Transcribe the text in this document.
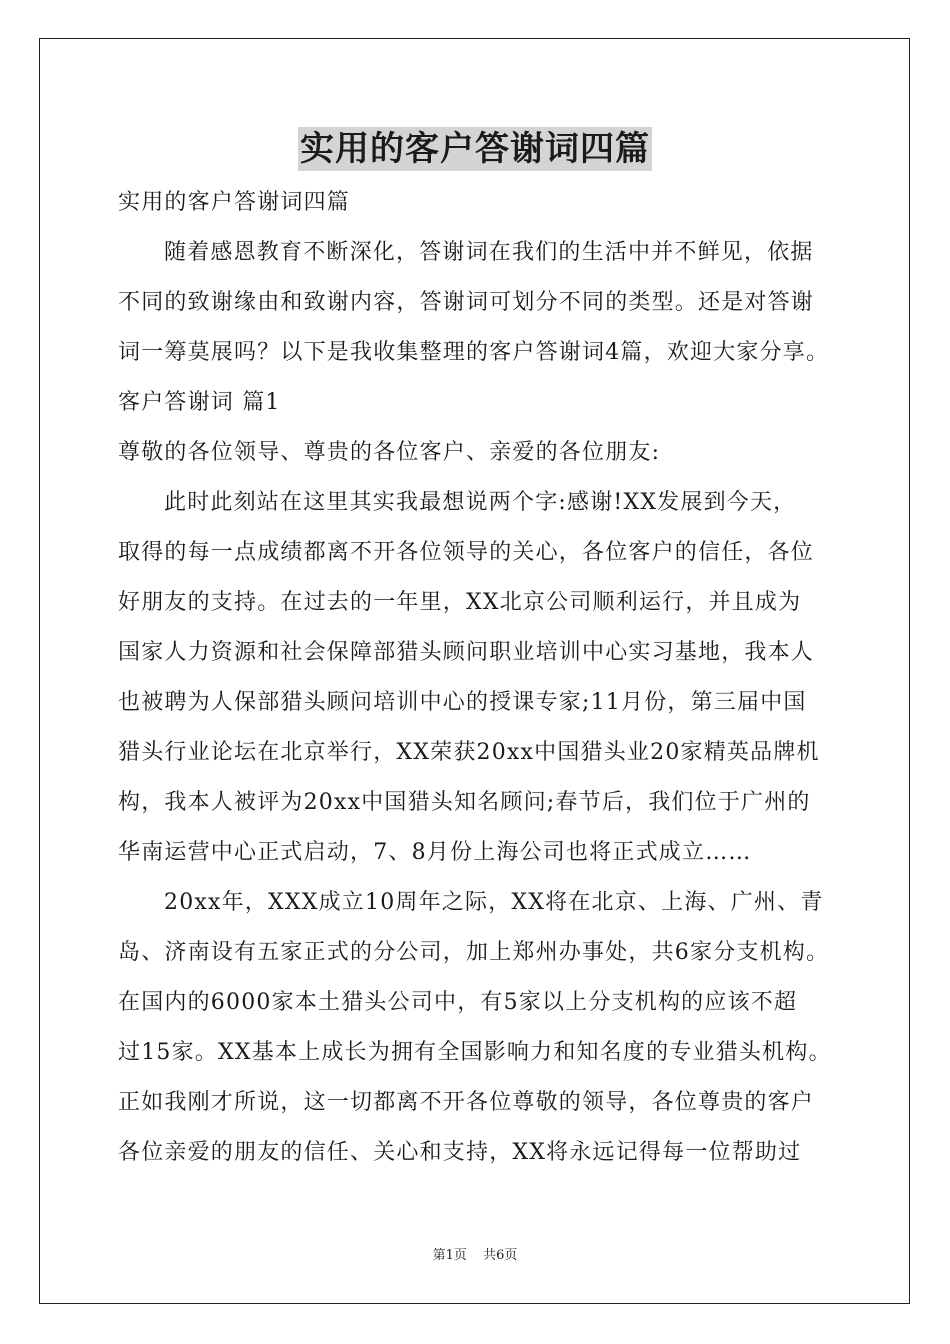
实用的客户答谢词四篇
实用的客户答谢词四篇
随着感恩教育不断深化，答谢词在我们的生活中并不鲜见，依据
不同的致谢缘由和致谢内容，答谢词可划分不同的类型。还是对答谢
词一筹莫展吗？以下是我收集整理的客户答谢词4篇，欢迎大家分享。
客户答谢词 篇1
尊敬的各位领导、尊贵的各位客户、亲爱的各位朋友:
此时此刻站在这里其实我最想说两个字:感谢!XX发展到今天，
取得的每一点成绩都离不开各位领导的关心，各位客户的信任，各位
好朋友的支持。在过去的一年里，XX北京公司顺利运行，并且成为
国家人力资源和社会保障部猎头顾问职业培训中心实习基地，我本人
也被聘为人保部猎头顾问培训中心的授课专家;11月份，第三届中国
猎头行业论坛在北京举行，XX荣获20xx中国猎头业20家精英品牌机
构，我本人被评为20xx中国猎头知名顾问;春节后，我们位于广州的
华南运营中心正式启动，7、8月份上海公司也将正式成立……
20xx年，XXX成立10周年之际，XX将在北京、上海、广州、青
岛、济南设有五家正式的分公司，加上郑州办事处，共6家分支机构。
在国内的6000家本土猎头公司中，有5家以上分支机构的应该不超
过15家。XX基本上成长为拥有全国影响力和知名度的专业猎头机构。
正如我刚才所说，这一切都离不开各位尊敬的领导，各位尊贵的客户
各位亲爱的朋友的信任、关心和支持，XX将永远记得每一位帮助过
第1页 共6页
